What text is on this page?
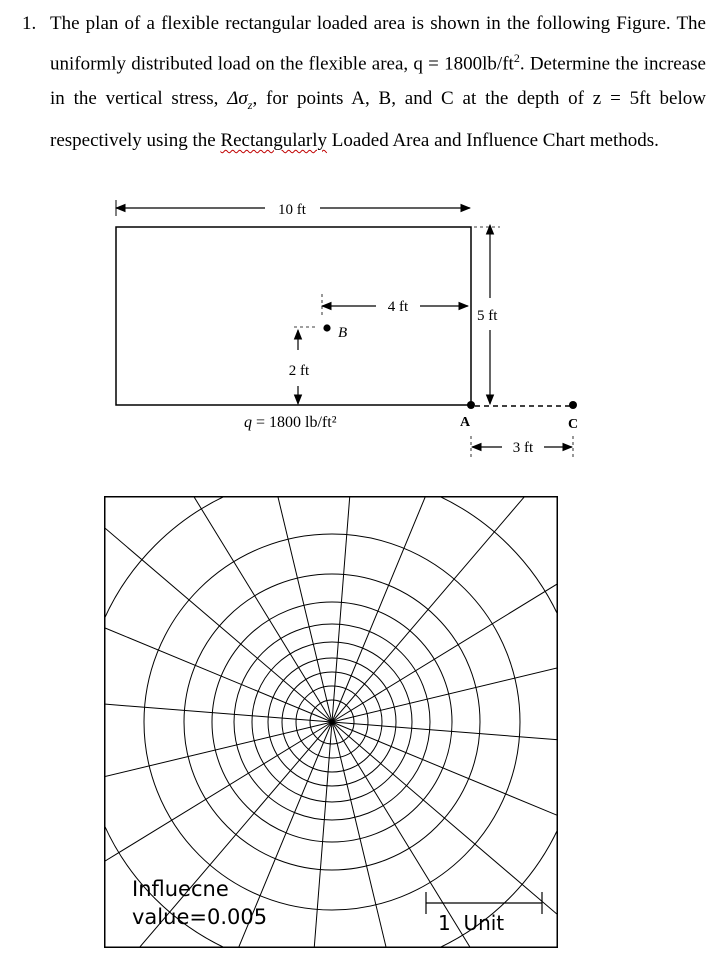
1. The plan of a flexible rectangular loaded area is shown in the following Figure. The uniformly distributed load on the flexible area, $q = 1800lb/ft^2$. Determine the increase in the vertical stress, $\Delta\sigma_z$, for points A, B, and C at the depth of z = 5ft below respectively using the Rectangularly Loaded Area and Influence Chart methods.
10 ft
5 ft
4 ft
B
2 ft
q = 1800 lb/ft²	A	C
3 ft
Influecne
value=0.005	1  Unit
